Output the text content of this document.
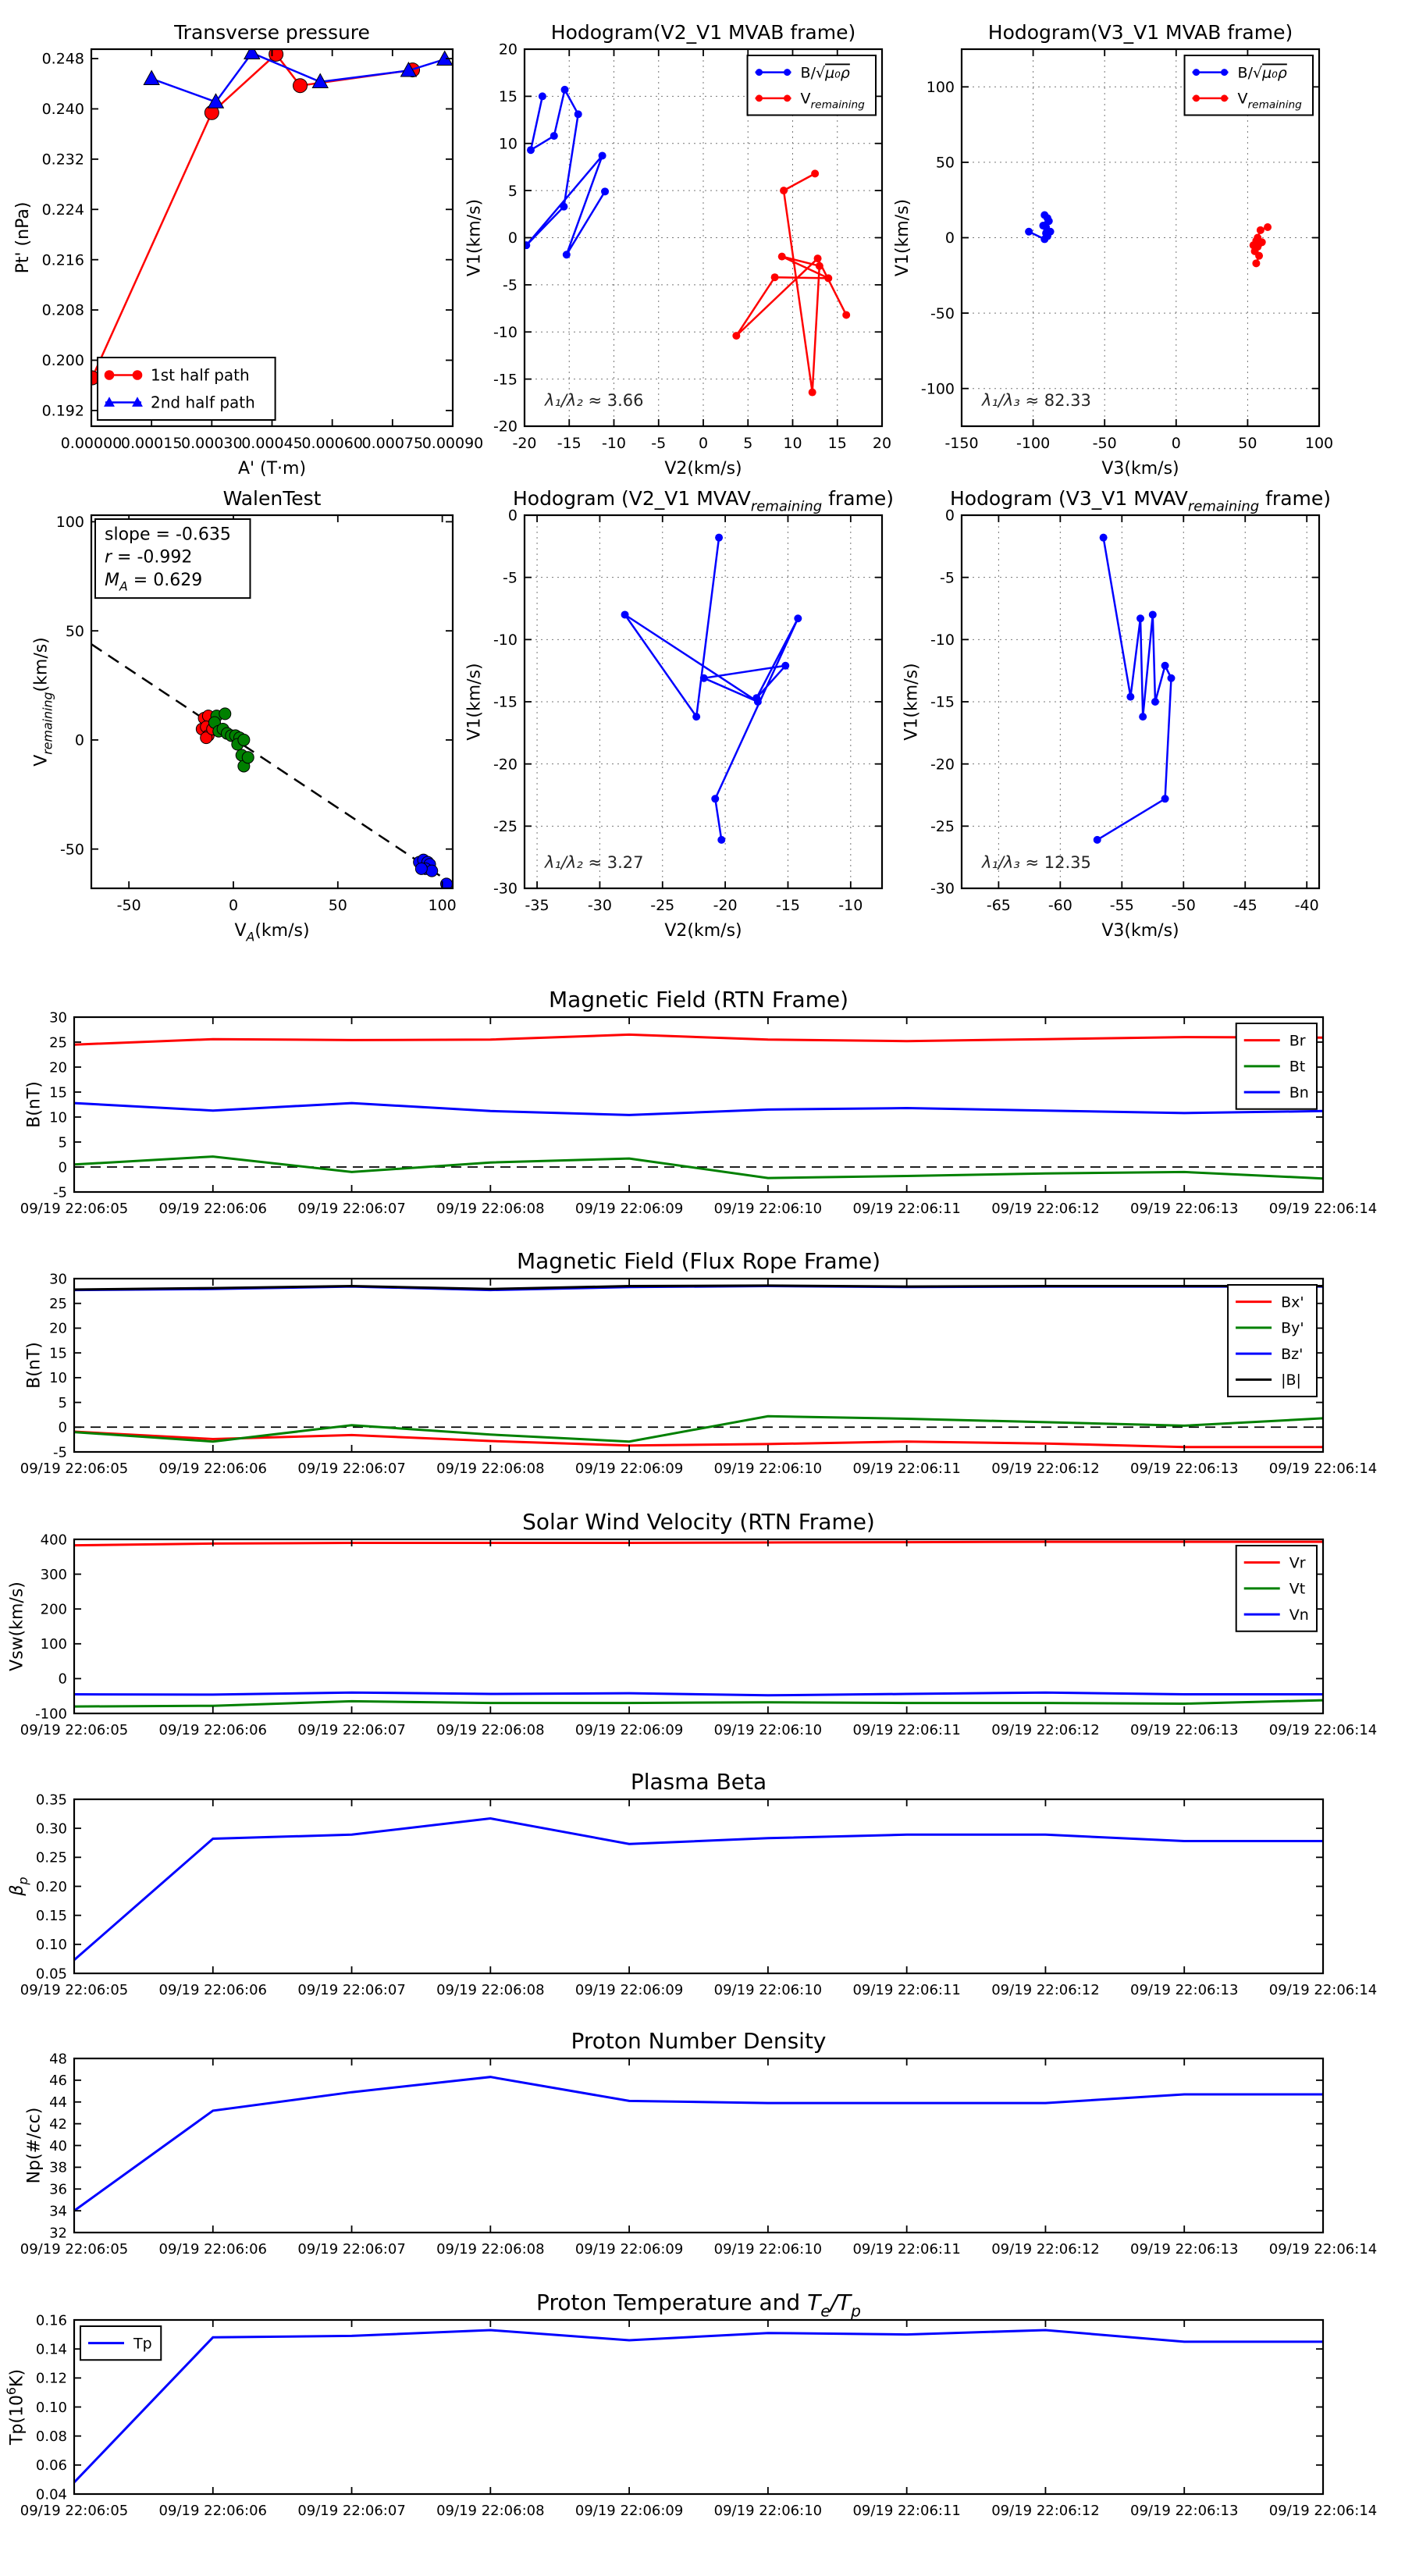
0.00000
0.00015
0.00030
0.00045
0.00060
0.00075
0.00090
0.192
0.200
0.208
0.216
0.224
0.232
0.240
0.248
Transverse pressure
A' (T·m)
Pt' (nPa)
1st half path
2nd half path
-20 -15 -10 -5 0 5 10 15 20
-20
-15
-10
-5
0
5
10
15
20
Hodogram(V2_V1 MVAB frame)
V2(km/s)
V1(km/s)
B/√μ₀ρ
$V_{remaining}$
λ₁/λ₂ ≈ 3.66
-150	-100	-50	0	50	100
-100
-50
0
50
100
Hodogram(V3_V1 MVAB frame)
V3(km/s)
V1(km/s)
B/√μ₀ρ
$V_{remaining}$
λ₁/λ₃ ≈ 82.33
-50	0	50	100
-50
0
50
100
WalenTest
$V_A(km/s)$
$V_{remaining}(km/s)$
slope = -0.635
r = -0.992
$M_A = 0.629$
-35	-30	-25	-20	-15	-10
0
-5
-10
-15
-20
-25
-30
Hodogram (V2_V1 $MVAV_{remaining}$ frame)
V2(km/s)
V1(km/s)
λ₁/λ₂ ≈ 3.27
-65	-60	-55	-50	-45	-40
0
-5
-10
-15
-20
-25
-30
Hodogram (V3_V1 $MVAV_{remaining}$ frame)
V3(km/s)
V1(km/s)
λ₁/λ₃ ≈ 12.35
09/19 22:06:05 09/19 22:06:06 09/19 22:06:07 09/19 22:06:08 09/19 22:06:09 09/19 22:06:10 09/19 22:06:11 09/19 22:06:12 09/19 22:06:13 09/19 22:06:14
-5
0
5
10
15
20
25
30
Magnetic Field (RTN Frame)
B(nT)
Br
Bt
Bn
09/19 22:06:05 09/19 22:06:06 09/19 22:06:07 09/19 22:06:08 09/19 22:06:09 09/19 22:06:10 09/19 22:06:11 09/19 22:06:12 09/19 22:06:13 09/19 22:06:14
-5
0
5
10
15
20
25
30
Magnetic Field (Flux Rope Frame)
B(nT)
Bx'
By'
Bz'
|B|
09/19 22:06:05 09/19 22:06:06 09/19 22:06:07 09/19 22:06:08 09/19 22:06:09 09/19 22:06:10 09/19 22:06:11 09/19 22:06:12 09/19 22:06:13 09/19 22:06:14
-100
0
100
200
300
400
Solar Wind Velocity (RTN Frame)
Vsw(km/s)
Vr
Vt
Vn
09/19 22:06:05 09/19 22:06:06 09/19 22:06:07 09/19 22:06:08 09/19 22:06:09 09/19 22:06:10 09/19 22:06:11 09/19 22:06:12 09/19 22:06:13 09/19 22:06:14
0.05
0.10
0.15
0.20
0.25
0.30
0.35
Plasma Beta
$\beta_p$
09/19 22:06:05 09/19 22:06:06 09/19 22:06:07 09/19 22:06:08 09/19 22:06:09 09/19 22:06:10 09/19 22:06:11 09/19 22:06:12 09/19 22:06:13 09/19 22:06:14
32
34
36
38
40
42
44
46
48
Proton Number Density
Np(#/cc)
09/19 22:06:05 09/19 22:06:06 09/19 22:06:07 09/19 22:06:08 09/19 22:06:09 09/19 22:06:10 09/19 22:06:11 09/19 22:06:12 09/19 22:06:13 09/19 22:06:14
0.04
0.06
0.08
0.10
0.12
0.14
0.16
Proton Temperature and $T_e/T_p$
$Tp(10^6K)$
Tp
